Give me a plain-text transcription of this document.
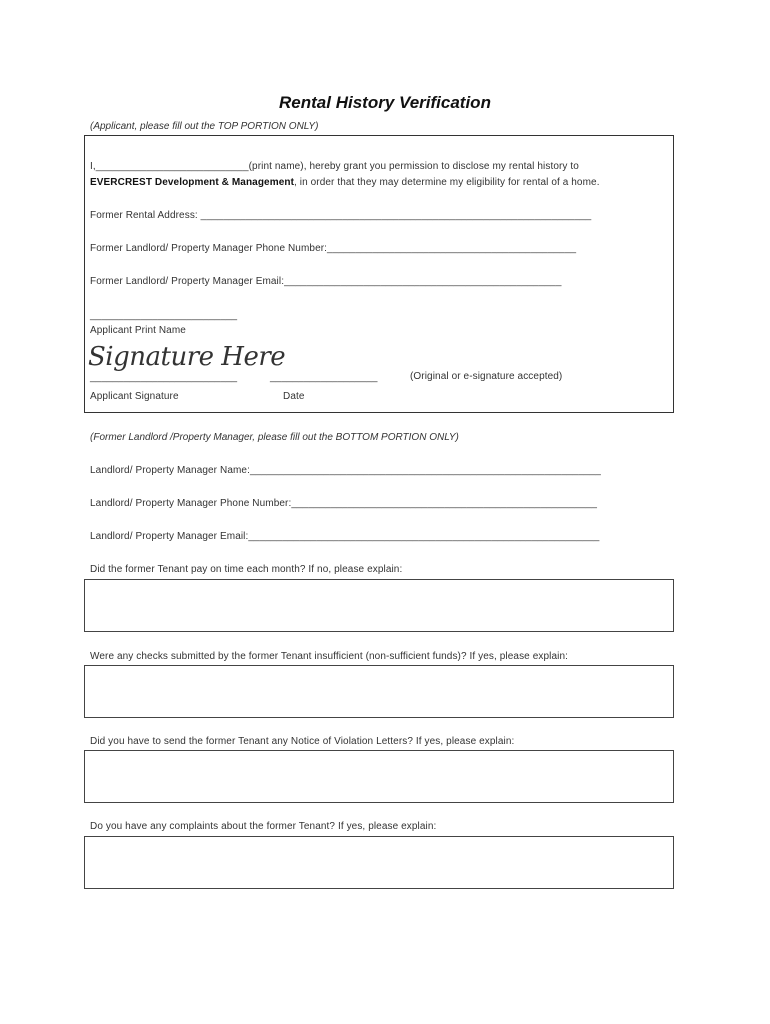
Rental History Verification
(Applicant, please fill out the TOP PORTION ONLY)
I,___________________________(print name), hereby grant you permission to disclose my rental history to
EVERCREST Development & Management, in order that they may determine my eligibility for rental of a home.
Former Rental Address: _____________________________________________________________________
Former Landlord/ Property Manager Phone Number:____________________________________________
Former Landlord/ Property Manager Email:_________________________________________________
__________________________
Applicant Print Name
Signature Here
__________________________	___________________	(Original or e-signature accepted)
Applicant Signature	Date
(Former Landlord /Property Manager, please fill out the BOTTOM PORTION ONLY)
Landlord/ Property Manager Name:______________________________________________________________
Landlord/ Property Manager Phone Number:______________________________________________________
Landlord/ Property Manager Email:______________________________________________________________
Did the former Tenant pay on time each month? If no, please explain:
Were any checks submitted by the former Tenant insufficient (non-sufficient funds)? If yes, please explain:
Did you have to send the former Tenant any Notice of Violation Letters? If yes, please explain:
Do you have any complaints about the former Tenant? If yes, please explain:
